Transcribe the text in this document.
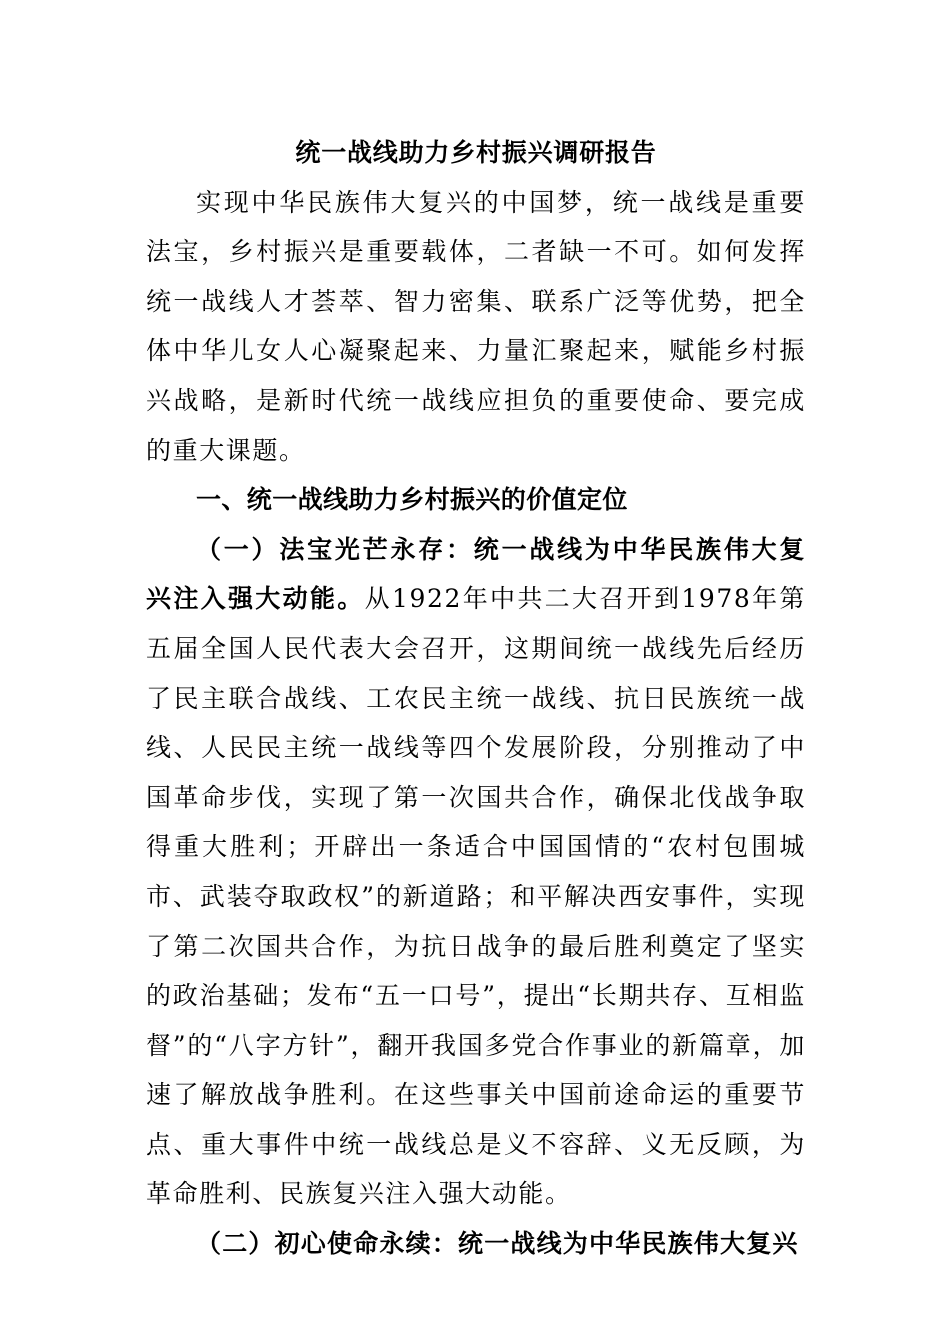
统一战线助力乡村振兴调研报告

实现中华民族伟大复兴的中国梦，统一战线是重要法宝，乡村振兴是重要载体，二者缺一不可。如何发挥统一战线人才荟萃、智力密集、联系广泛等优势，把全体中华儿女人心凝聚起来、力量汇聚起来，赋能乡村振兴战略，是新时代统一战线应担负的重要使命、要完成的重大课题。

一、统一战线助力乡村振兴的价值定位

（一）法宝光芒永存：统一战线为中华民族伟大复兴注入强大动能。从1922年中共二大召开到1978年第五届全国人民代表大会召开，这期间统一战线先后经历了民主联合战线、工农民主统一战线、抗日民族统一战线、人民民主统一战线等四个发展阶段，分别推动了中国革命步伐，实现了第一次国共合作，确保北伐战争取得重大胜利；开辟出一条适合中国国情的“农村包围城市、武装夺取政权”的新道路；和平解决西安事件，实现了第二次国共合作，为抗日战争的最后胜利奠定了坚实的政治基础；发布“五一口号”，提出“长期共存、互相监督”的“八字方针”，翻开我国多党合作事业的新篇章，加速了解放战争胜利。在这些事关中国前途命运的重要节点、重大事件中统一战线总是义不容辞、义无反顾，为革命胜利、民族复兴注入强大动能。

（二）初心使命永续：统一战线为中华民族伟大复兴
